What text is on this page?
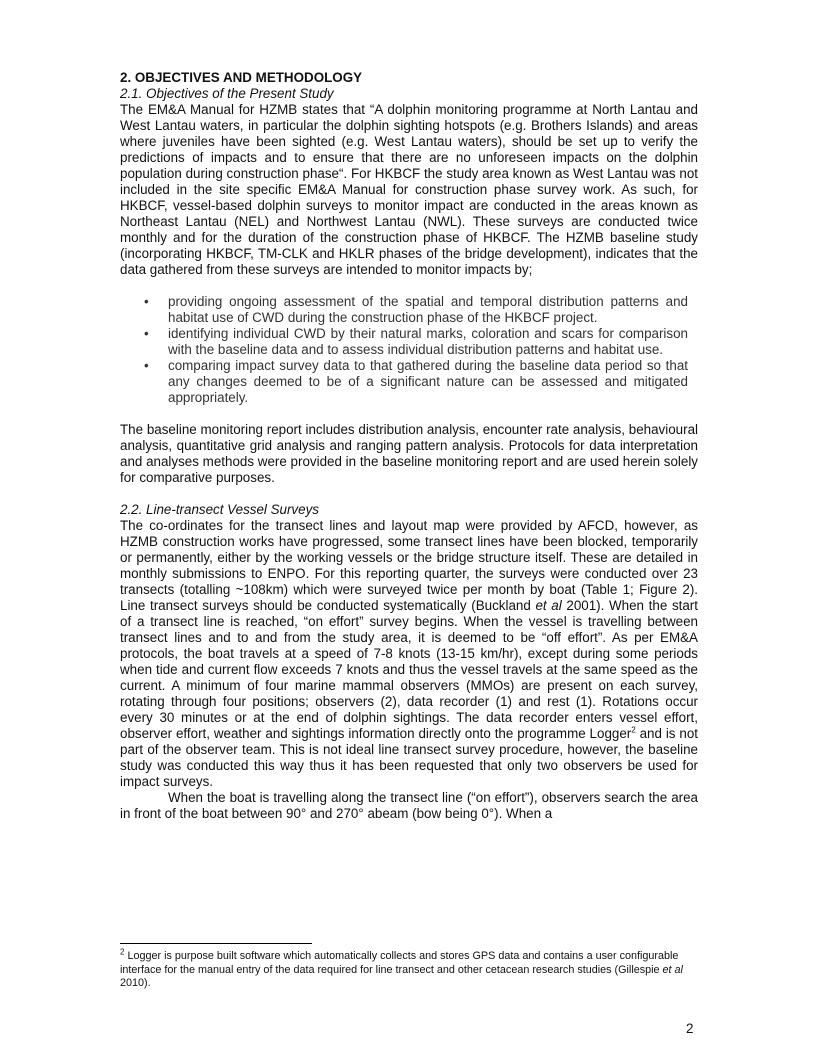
2. OBJECTIVES AND METHODOLOGY
2.1. Objectives of the Present Study

The EM&A Manual for HZMB states that “A dolphin monitoring programme at North Lantau and West Lantau waters, in particular the dolphin sighting hotspots (e.g. Brothers Islands) and areas where juveniles have been sighted (e.g. West Lantau waters), should be set up to verify the predictions of impacts and to ensure that there are no unforeseen impacts on the dolphin population during construction phase“. For HKBCF the study area known as West Lantau was not included in the site specific EM&A Manual for construction phase survey work. As such, for HKBCF, vessel-based dolphin surveys to monitor impact are conducted in the areas known as Northeast Lantau (NEL) and Northwest Lantau (NWL). These surveys are conducted twice monthly and for the duration of the construction phase of HKBCF. The HZMB baseline study (incorporating HKBCF, TM-CLK and HKLR phases of the bridge development), indicates that the data gathered from these surveys are intended to monitor impacts by;

• providing ongoing assessment of the spatial and temporal distribution patterns and habitat use of CWD during the construction phase of the HKBCF project.
• identifying individual CWD by their natural marks, coloration and scars for comparison with the baseline data and to assess individual distribution patterns and habitat use.
• comparing impact survey data to that gathered during the baseline data period so that any changes deemed to be of a significant nature can be assessed and mitigated appropriately.

The baseline monitoring report includes distribution analysis, encounter rate analysis, behavioural analysis, quantitative grid analysis and ranging pattern analysis. Protocols for data interpretation and analyses methods were provided in the baseline monitoring report and are used herein solely for comparative purposes.

2.2. Line-transect Vessel Surveys

The co-ordinates for the transect lines and layout map were provided by AFCD, however, as HZMB construction works have progressed, some transect lines have been blocked, temporarily or permanently, either by the working vessels or the bridge structure itself. These are detailed in monthly submissions to ENPO. For this reporting quarter, the surveys were conducted over 23 transects (totalling ~108km) which were surveyed twice per month by boat (Table 1; Figure 2). Line transect surveys should be conducted systematically (Buckland et al 2001). When the start of a transect line is reached, “on effort” survey begins. When the vessel is travelling between transect lines and to and from the study area, it is deemed to be “off effort”. As per EM&A protocols, the boat travels at a speed of 7-8 knots (13-15 km/hr), except during some periods when tide and current flow exceeds 7 knots and thus the vessel travels at the same speed as the current. A minimum of four marine mammal observers (MMOs) are present on each survey, rotating through four positions; observers (2), data recorder (1) and rest (1). Rotations occur every 30 minutes or at the end of dolphin sightings. The data recorder enters vessel effort, observer effort, weather and sightings information directly onto the programme Logger$^2$ and is not part of the observer team. This is not ideal line transect survey procedure, however, the baseline study was conducted this way thus it has been requested that only two observers be used for impact surveys.

When the boat is travelling along the transect line (“on effort”), observers search the area in front of the boat between 90° and 270° abeam (bow being 0°). When a

$^2$ Logger is purpose built software which automatically collects and stores GPS data and contains a user configurable interface for the manual entry of the data required for line transect and other cetacean research studies (Gillespie et al 2010).
2
